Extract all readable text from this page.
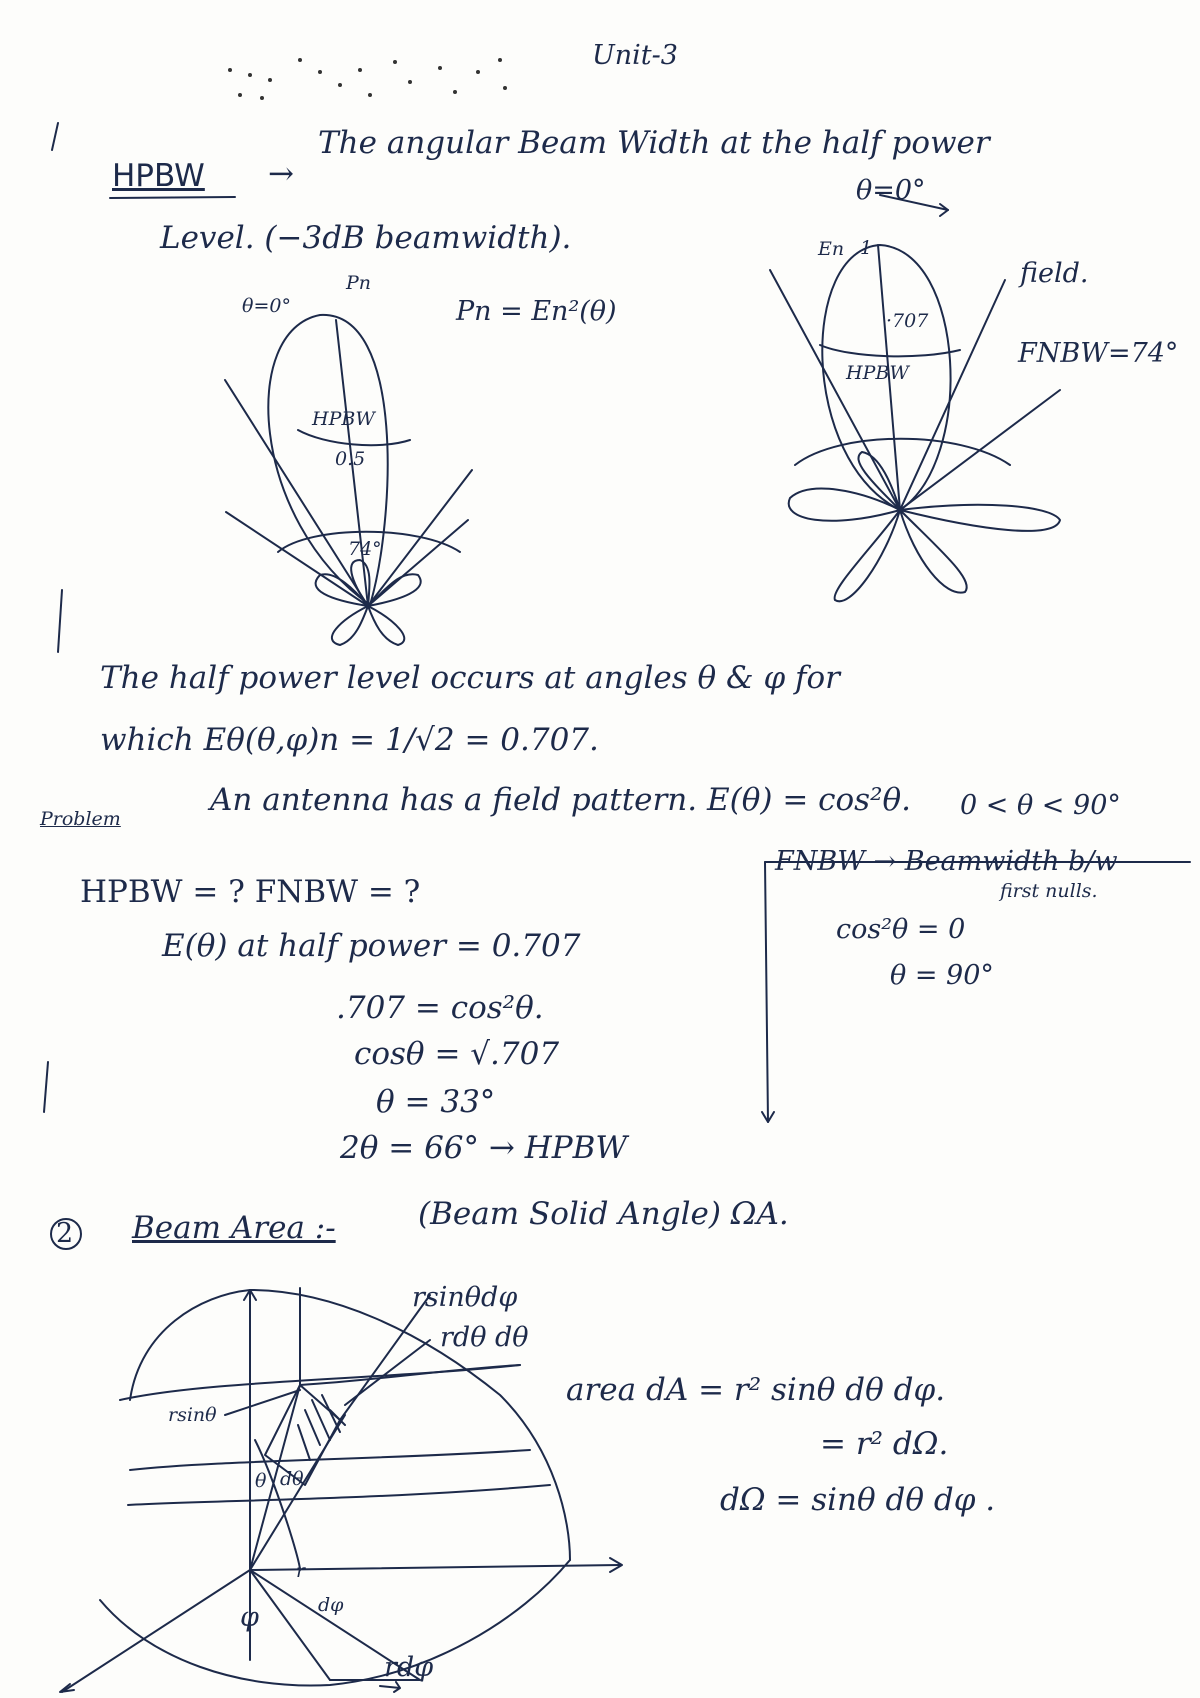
Unit-3
HPBW →
The angular Beam Width at the half power
Level. (−3dB beamwidth).
θ=0°
Pn
Pn = En²(θ)
HPBW
0.5
74°
θ=0°
En 1
field.
·707
HPBW
FNBW=74°
The half power level occurs at angles θ & φ for
which Eθ(θ,φ)n = 1/√2 = 0.707.
Problem
An antenna has a field pattern. E(θ) = cos²θ. 0 < θ < 90°
HPBW = ? FNBW = ?
E(θ) at half power = 0.707
.707 = cos²θ.
cosθ = √.707
θ = 33°
2θ = 66° → HPBW
FNBW → Beamwidth b/w
first nulls.
cos²θ = 0
θ = 90°
2 Beam Area :-	(Beam Solid Angle) ΩA.
rsinθdφ
rdθ dθ
rsinθ
θ dθ
r
φ	dφ
rdφ
area dA = r² sinθ dθ dφ.
= r² dΩ.
dΩ = sinθ dθ dφ .
